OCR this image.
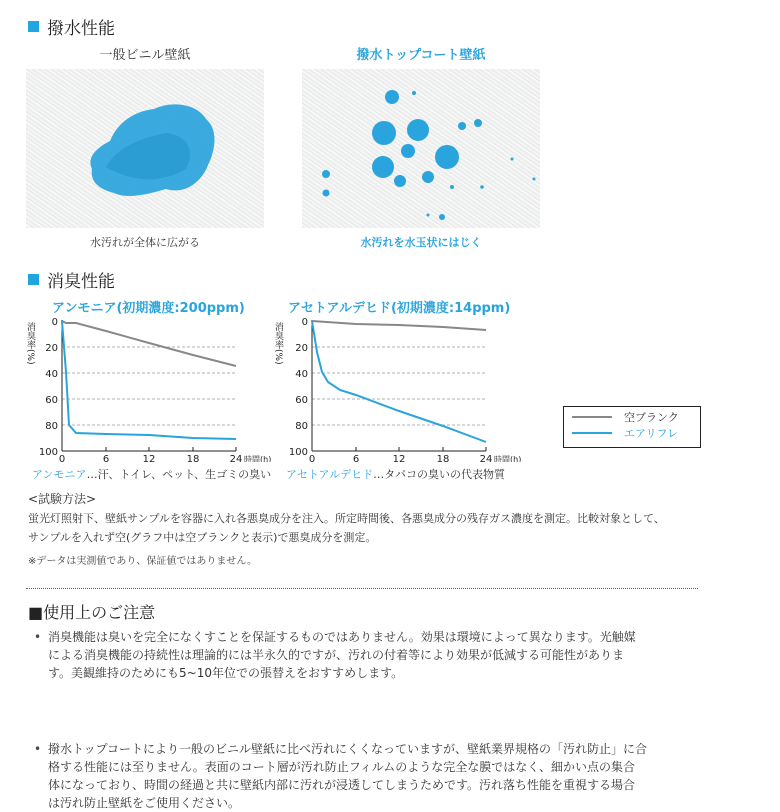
撥水性能
一般ビニル壁紙	撥水トップコート壁紙
水汚れが全体に広がる	水汚れを水玉状にはじく
消臭性能
アンモニア(初期濃度:200ppm)	アセトアルデヒド(初期濃度:14ppm)
消臭率(%) 0
20
40
60
80
100
0	6	12	18	24 時間(h)
消臭率(%) 0
20
40
60
80
100
0	6	12	18	24 時間(h)
アンモニア…汗、トイレ、ペット、生ゴミの臭い アセトアルデヒド…タバコの臭いの代表物質
空ブランク
エアリフレ
<試験方法>
蛍光灯照射下、壁紙サンプルを容器に入れ各悪臭成分を注入。所定時間後、各悪臭成分の残存ガス濃度を測定。比較対象として、
サンプルを入れず空(グラフ中は空ブランクと表示)で悪臭成分を測定。
※データは実測値であり、保証値ではありません。
■使用上のご注意
• 消臭機能は臭いを完全になくすことを保証するものではありません。効果は環境によって異なります。光触媒
による消臭機能の持続性は理論的には半永久的ですが、汚れの付着等により効果が低減する可能性がありま
す。美観維持のためにも5~10年位での張替えをおすすめします。
• 撥水トップコートにより一般のビニル壁紙に比べ汚れにくくなっていますが、壁紙業界規格の「汚れ防止」に合
格する性能には至りません。表面のコート層が汚れ防止フィルムのような完全な膜ではなく、細かい点の集合
体になっており、時間の経過と共に壁紙内部に汚れが浸透してしまうためです。汚れ落ち性能を重視する場合
は汚れ防止壁紙をご使用ください。
